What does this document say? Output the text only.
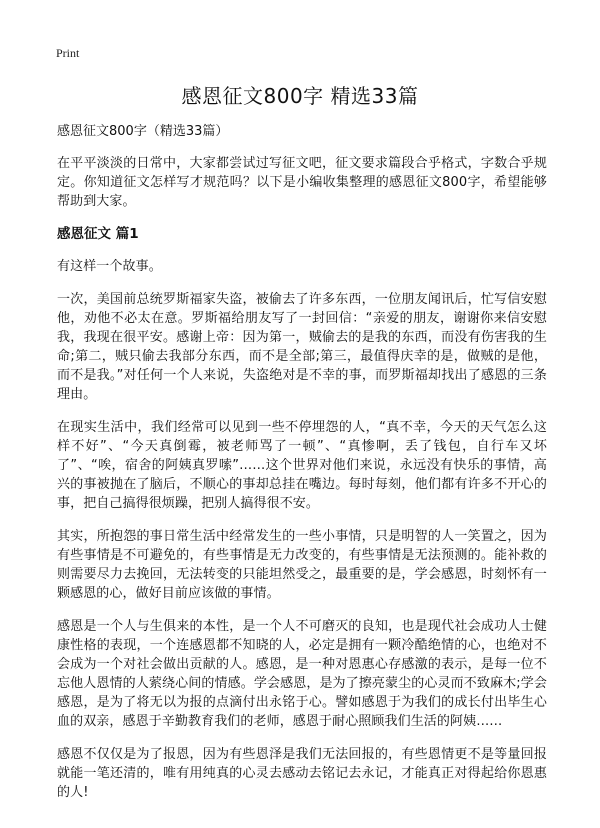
Print
感恩征文800字 精选33篇

感恩征文800字（精选33篇）

在平平淡淡的日常中，大家都尝试过写征文吧，征文要求篇段合乎格式，字数合乎规定。你知道征文怎样写才规范吗？以下是小编收集整理的感恩征文800字，希望能够帮助到大家。

感恩征文 篇1

有这样一个故事。

一次，美国前总统罗斯福家失盗，被偷去了许多东西，一位朋友闻讯后，忙写信安慰他，劝他不必太在意。罗斯福给朋友写了一封回信：“亲爱的朋友，谢谢你来信安慰我，我现在很平安。感谢上帝：因为第一，贼偷去的是我的东西，而没有伤害我的生命;第二，贼只偷去我部分东西，而不是全部;第三，最值得庆幸的是，做贼的是他，而不是我。”对任何一个人来说，失盗绝对是不幸的事，而罗斯福却找出了感恩的三条理由。

在现实生活中，我们经常可以见到一些不停埋怨的人，“真不幸，今天的天气怎么这样不好”、“今天真倒霉，被老师骂了一顿”、“真惨啊，丢了钱包，自行车又坏了”、“唉，宿舍的阿姨真罗嗦”……这个世界对他们来说，永远没有快乐的事情，高兴的事被抛在了脑后，不顺心的事却总挂在嘴边。每时每刻，他们都有许多不开心的事，把自己搞得很烦躁，把别人搞得很不安。

其实，所抱怨的事日常生活中经常发生的一些小事情，只是明智的人一笑置之，因为有些事情是不可避免的，有些事情是无力改变的，有些事情是无法预测的。能补救的则需要尽力去挽回，无法转变的只能坦然受之，最重要的是，学会感恩，时刻怀有一颗感恩的心，做好目前应该做的事情。

感恩是一个人与生俱来的本性，是一个人不可磨灭的良知，也是现代社会成功人士健康性格的表现，一个连感恩都不知晓的人，必定是拥有一颗冷酷绝情的心，也绝对不会成为一个对社会做出贡献的人。感恩，是一种对恩惠心存感激的表示，是每一位不忘他人恩情的人萦绕心间的情感。学会感恩，是为了擦亮蒙尘的心灵而不致麻木;学会感恩，是为了将无以为报的点滴付出永铭于心。譬如感恩于为我们的成长付出毕生心血的双亲，感恩于辛勤教育我们的老师，感恩于耐心照顾我们生活的阿姨……

感恩不仅仅是为了报恩，因为有些恩泽是我们无法回报的，有些恩情更不是等量回报就能一笔还清的，唯有用纯真的心灵去感动去铭记去永记，才能真正对得起给你恩惠的人!
